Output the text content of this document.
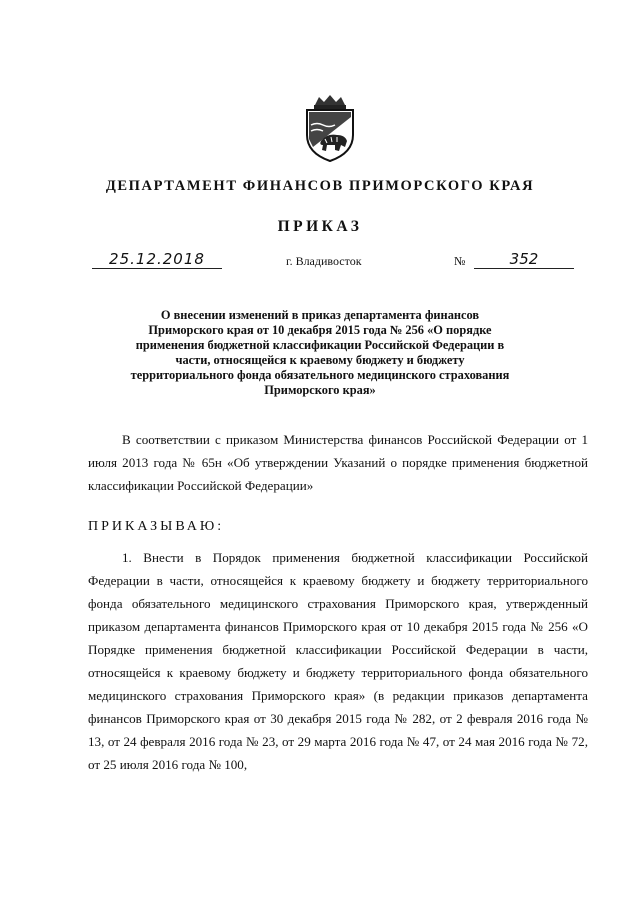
ДЕПАРТАМЕНТ ФИНАНСОВ ПРИМОРСКОГО КРАЯ
ПРИКАЗ
25.12.2018	г. Владивосток	№	352
О внесении изменений в приказ департамента финансов Приморского края от 10 декабря 2015 года № 256 «О порядке применения бюджетной классификации Российской Федерации в части, относящейся к краевому бюджету и бюджету территориального фонда обязательного медицинского страхования Приморского края»

В соответствии с приказом Министерства финансов Российской Федерации от 1 июля 2013 года № 65н «Об утверждении Указаний о порядке применения бюджетной классификации Российской Федерации»

ПРИКАЗЫВАЮ:

1. Внести в Порядок применения бюджетной классификации Российской Федерации в части, относящейся к краевому бюджету и бюджету территориального фонда обязательного медицинского страхования Приморского края, утвержденный приказом департамента финансов Приморского края от 10 декабря 2015 года № 256 «О Порядке применения бюджетной классификации Российской Федерации в части, относящейся к краевому бюджету и бюджету территориального фонда обязательного медицинского страхования Приморского края» (в редакции приказов департамента финансов Приморского края от 30 декабря 2015 года № 282, от 2 февраля 2016 года № 13, от 24 февраля 2016 года № 23, от 29 марта 2016 года № 47, от 24 мая 2016 года № 72, от 25 июля 2016 года № 100,
